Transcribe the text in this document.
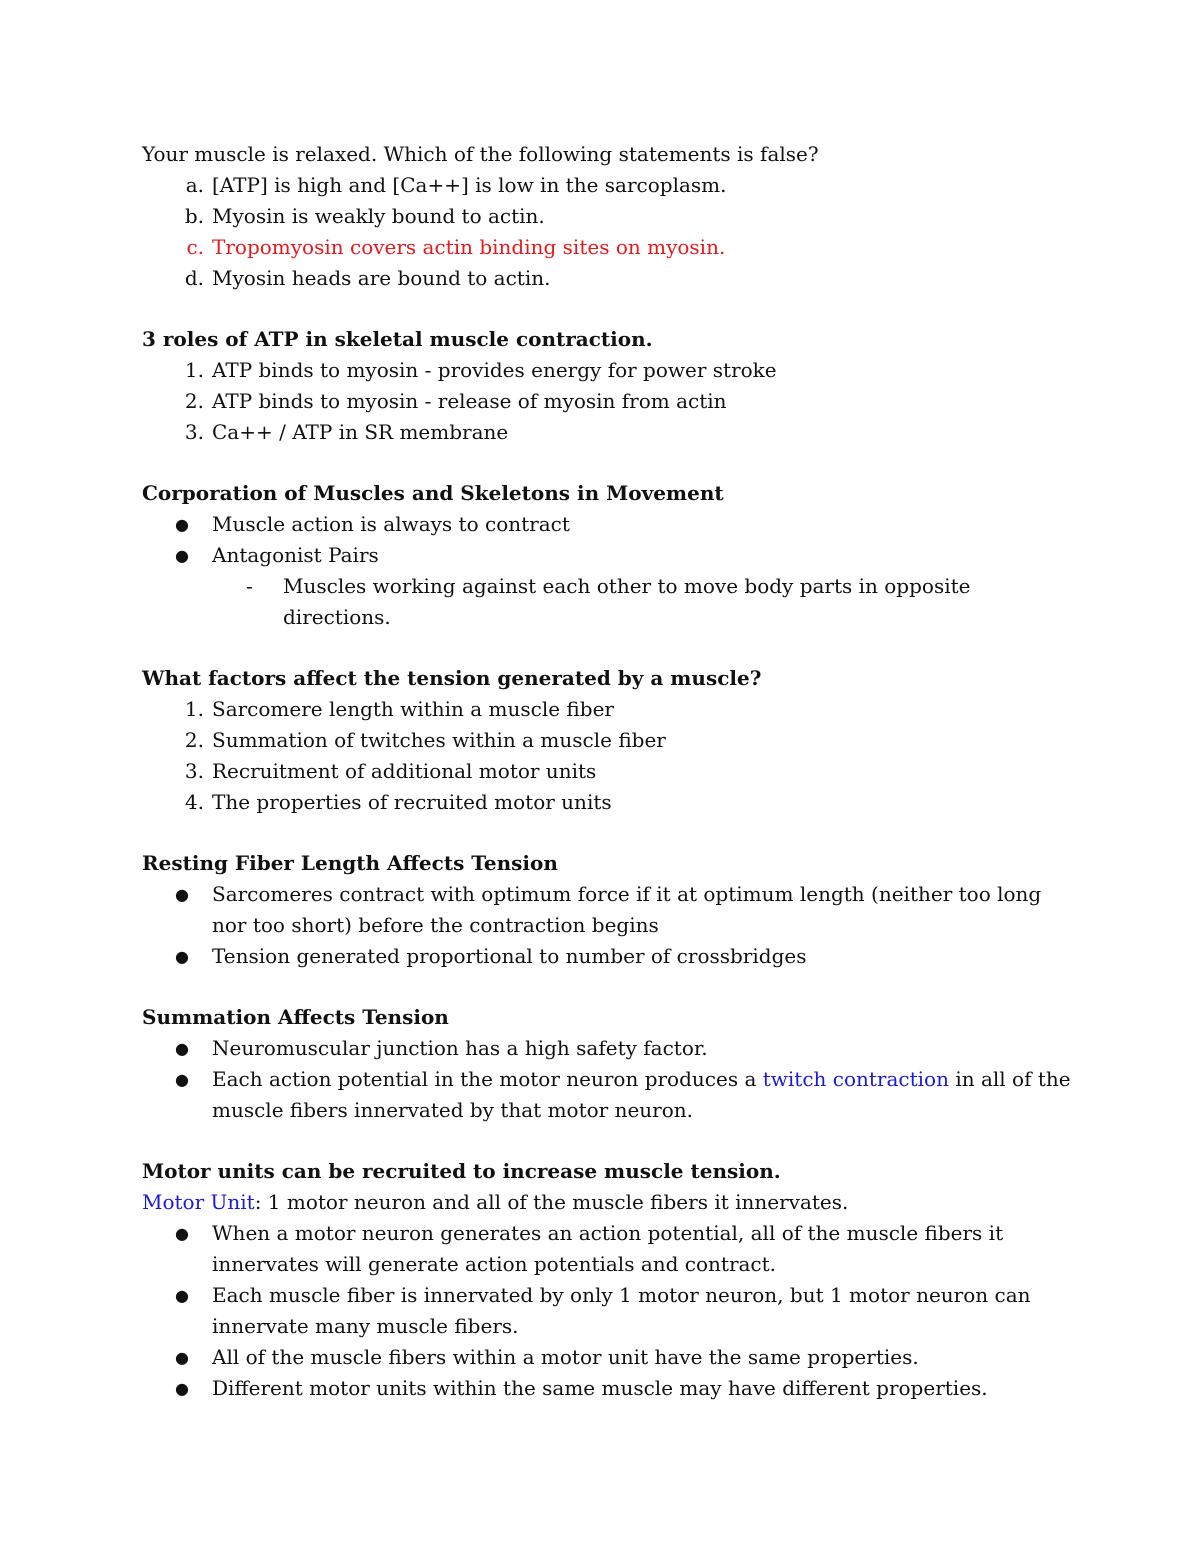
Your muscle is relaxed. Which of the following statements is false?

a. [ATP] is high and [Ca++] is low in the sarcoplasm.
b. Myosin is weakly bound to actin.
c. Tropomyosin covers actin binding sites on myosin.
d. Myosin heads are bound to actin.

3 roles of ATP in skeletal muscle contraction.

1. ATP binds to myosin - provides energy for power stroke
2. ATP binds to myosin - release of myosin from actin
3. Ca++ / ATP in SR membrane

Corporation of Muscles and Skeletons in Movement

● Muscle action is always to contract
● Antagonist Pairs
- Muscles working against each other to move body parts in opposite directions.

What factors affect the tension generated by a muscle?

1. Sarcomere length within a muscle fiber
2. Summation of twitches within a muscle fiber
3. Recruitment of additional motor units
4. The properties of recruited motor units

Resting Fiber Length Affects Tension

● Sarcomeres contract with optimum force if it at optimum length (neither too long nor too short) before the contraction begins
● Tension generated proportional to number of crossbridges

Summation Affects Tension

● Neuromuscular junction has a high safety factor.
● Each action potential in the motor neuron produces a twitch contraction in all of the muscle fibers innervated by that motor neuron.

Motor units can be recruited to increase muscle tension.

Motor Unit: 1 motor neuron and all of the muscle fibers it innervates.

● When a motor neuron generates an action potential, all of the muscle fibers it innervates will generate action potentials and contract.
● Each muscle fiber is innervated by only 1 motor neuron, but 1 motor neuron can innervate many muscle fibers.
● All of the muscle fibers within a motor unit have the same properties.
● Different motor units within the same muscle may have different properties.
